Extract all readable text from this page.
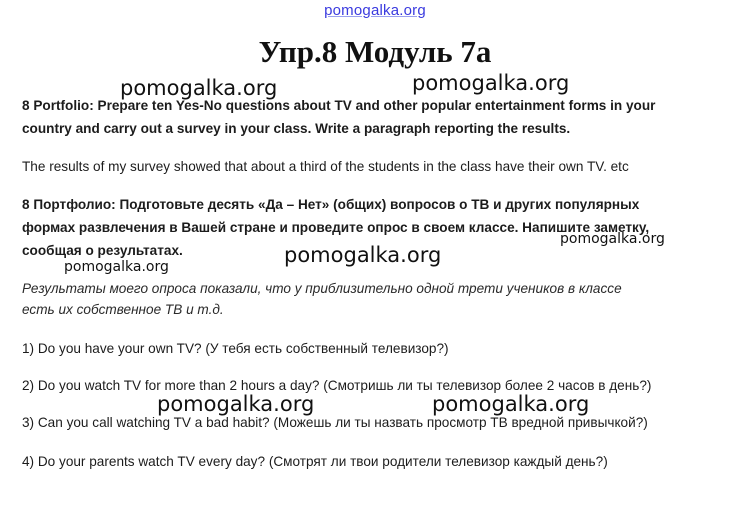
pomogalka.org
Упр.8 Модуль 7а
pomogalka.org	pomogalka.org
8 Portfolio: Prepare ten Yes-No questions about TV and other popular entertainment forms in your
country and carry out a survey in your class. Write a paragraph reporting the results.
The results of my survey showed that about a third of the students in the class have their own TV. etc
8 Портфолио: Подготовьте десять «Да – Нет» (общих) вопросов о ТВ и других популярных
формах развлечения в Вашей стране и проведите опрос в своем классе. Напишите заметку,
сообщая о результатах.
pomogalka.org
pomogalka.org
pomogalka.org
Результаты моего опроса показали, что у приблизительно одной трети учеников в классе
есть их собственное ТВ и т.д.
1) Do you have your own TV? (У тебя есть собственный телевизор?)
2) Do you watch TV for more than 2 hours a day? (Смотришь ли ты телевизор более 2 часов в день?)
pomogalka.org	pomogalka.org
3) Can you call watching TV a bad habit? (Можешь ли ты назвать просмотр ТВ вредной привычкой?)
4) Do your parents watch TV every day? (Смотрят ли твои родители телевизор каждый день?)
